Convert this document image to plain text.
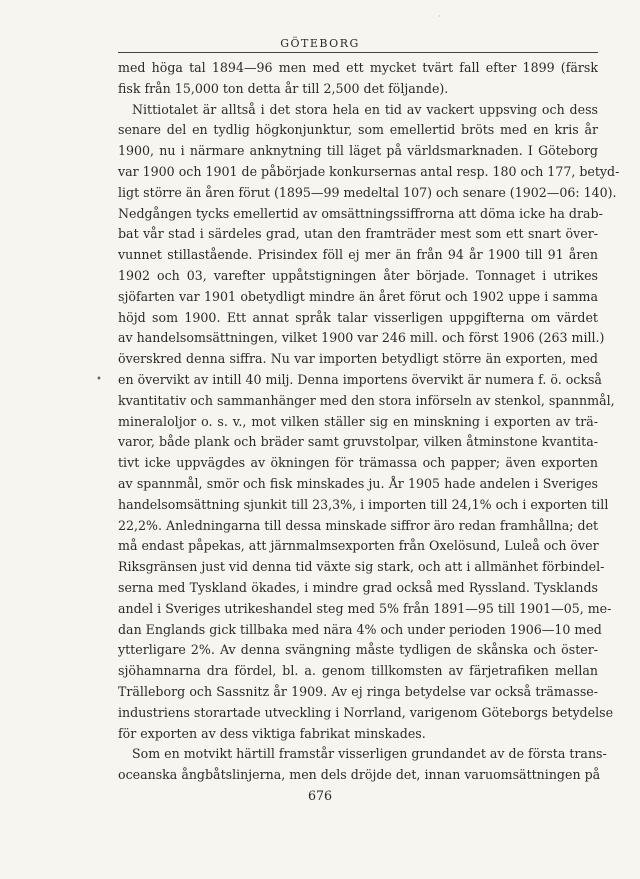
·
GÖTEBORG
•

med höga tal 1894—96 men med ett mycket tvärt fall efter 1899 (färsk
fisk från 15,000 ton detta år till 2,500 det följande).

Nittiotalet är alltså i det stora hela en tid av vackert uppsving och dess
senare del en tydlig högkonjunktur, som emellertid bröts med en kris år
1900, nu i närmare anknytning till läget på världsmarknaden. I Göteborg
var 1900 och 1901 de påbörjade konkursernas antal resp. 180 och 177, betyd-
ligt större än åren förut (1895—99 medeltal 107) och senare (1902—06: 140).
Nedgången tycks emellertid av omsättningssiffrorna att döma icke ha drab-
bat vår stad i särdeles grad, utan den framträder mest som ett snart över-
vunnet stillastående. Prisindex föll ej mer än från 94 år 1900 till 91 åren
1902 och 03, varefter uppåtstigningen åter började. Tonnaget i utrikes
sjöfarten var 1901 obetydligt mindre än året förut och 1902 uppe i samma
höjd som 1900. Ett annat språk talar visserligen uppgifterna om värdet
av handelsomsättningen, vilket 1900 var 246 mill. och först 1906 (263 mill.)
överskred denna siffra. Nu var importen betydligt större än exporten, med
en övervikt av intill 40 milj. Denna importens övervikt är numera f. ö. också
kvantitativ och sammanhänger med den stora införseln av stenkol, spannmål,
mineraloljor o. s. v., mot vilken ställer sig en minskning i exporten av trä-
varor, både plank och bräder samt gruvstolpar, vilken åtminstone kvantita-
tivt icke uppvägdes av ökningen för trämassa och papper; även exporten
av spannmål, smör och fisk minskades ju. År 1905 hade andelen i Sveriges
handelsomsättning sjunkit till 23,3%, i importen till 24,1% och i exporten till
22,2%. Anledningarna till dessa minskade siffror äro redan framhållna; det
må endast påpekas, att järnmalmsexporten från Oxelösund, Luleå och över
Riksgränsen just vid denna tid växte sig stark, och att i allmänhet förbindel-
serna med Tyskland ökades, i mindre grad också med Ryssland. Tysklands
andel i Sveriges utrikeshandel steg med 5% från 1891—95 till 1901—05, me-
dan Englands gick tillbaka med nära 4% och under perioden 1906—10 med
ytterligare 2%. Av denna svängning måste tydligen de skånska och öster-
sjöhamnarna dra fördel, bl. a. genom tillkomsten av färjetrafiken mellan
Trälleborg och Sassnitz år 1909. Av ej ringa betydelse var också trämasse-
industriens storartade utveckling i Norrland, varigenom Göteborgs betydelse
för exporten av dess viktiga fabrikat minskades.

Som en motvikt härtill framstår visserligen grundandet av de första trans-
oceanska ångbåtslinjerna, men dels dröjde det, innan varuomsättningen på

676
